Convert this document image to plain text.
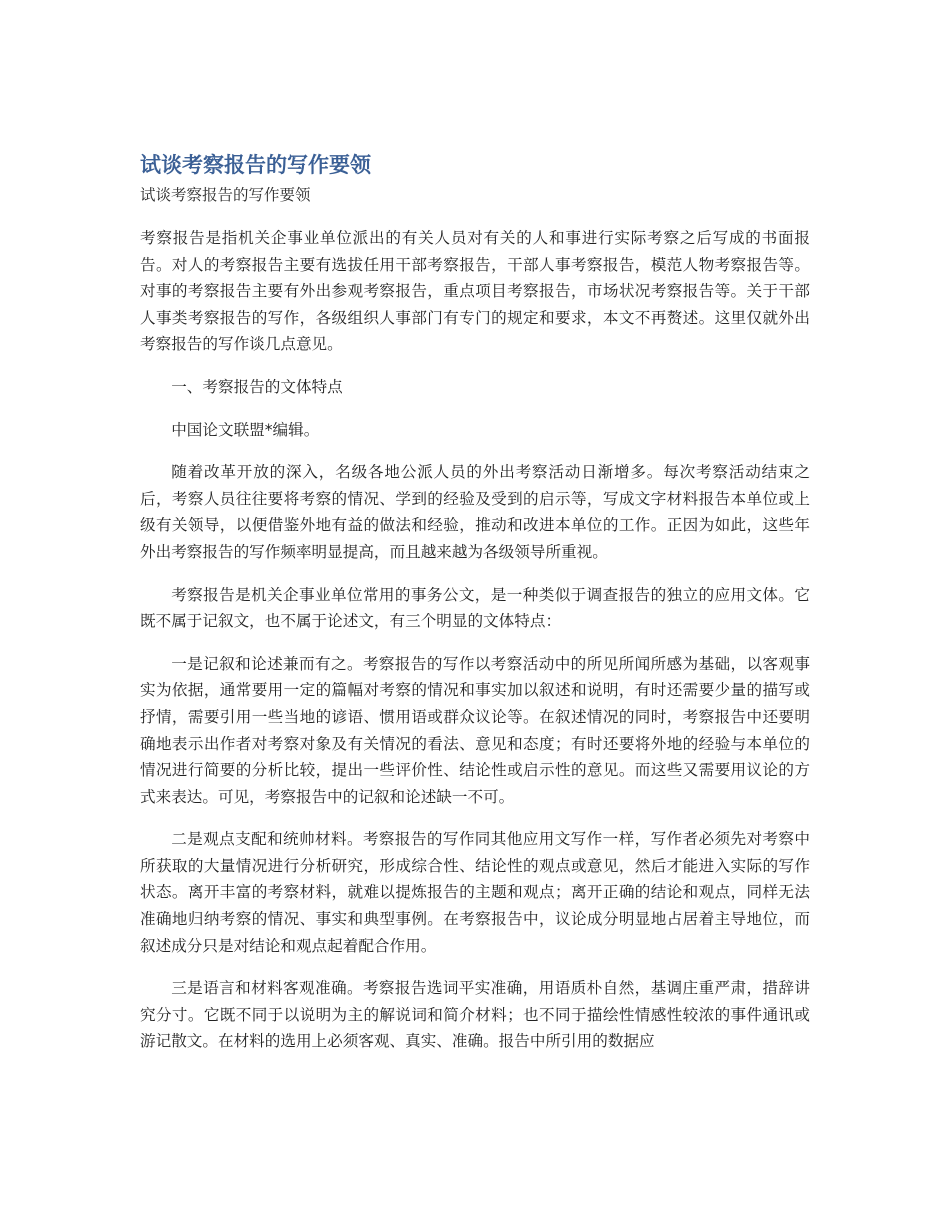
试谈考察报告的写作要领
试谈考察报告的写作要领

考察报告是指机关企事业单位派出的有关人员对有关的人和事进行实际考察之后写成的书面报告。对人的考察报告主要有选拔任用干部考察报告，干部人事考察报告，模范人物考察报告等。对事的考察报告主要有外出参观考察报告，重点项目考察报告，市场状况考察报告等。关于干部人事类考察报告的写作，各级组织人事部门有专门的规定和要求，本文不再赘述。这里仅就外出考察报告的写作谈几点意见。

一、考察报告的文体特点

中国论文联盟*编辑。

随着改革开放的深入，名级各地公派人员的外出考察活动日渐增多。每次考察活动结束之后，考察人员往往要将考察的情况、学到的经验及受到的启示等，写成文字材料报告本单位或上级有关领导，以便借鉴外地有益的做法和经验，推动和改进本单位的工作。正因为如此，这些年外出考察报告的写作频率明显提高，而且越来越为各级领导所重视。

考察报告是机关企事业单位常用的事务公文，是一种类似于调查报告的独立的应用文体。它既不属于记叙文，也不属于论述文，有三个明显的文体特点：

一是记叙和论述兼而有之。考察报告的写作以考察活动中的所见所闻所感为基础，以客观事实为依据，通常要用一定的篇幅对考察的情况和事实加以叙述和说明，有时还需要少量的描写或抒情，需要引用一些当地的谚语、惯用语或群众议论等。在叙述情况的同时，考察报告中还要明确地表示出作者对考察对象及有关情况的看法、意见和态度；有时还要将外地的经验与本单位的情况进行简要的分析比较，提出一些评价性、结论性或启示性的意见。而这些又需要用议论的方式来表达。可见，考察报告中的记叙和论述缺一不可。

二是观点支配和统帅材料。考察报告的写作同其他应用文写作一样，写作者必须先对考察中所获取的大量情况进行分析研究，形成综合性、结论性的观点或意见，然后才能进入实际的写作状态。离开丰富的考察材料，就难以提炼报告的主题和观点；离开正确的结论和观点，同样无法准确地归纳考察的情况、事实和典型事例。在考察报告中，议论成分明显地占居着主导地位，而叙述成分只是对结论和观点起着配合作用。

三是语言和材料客观准确。考察报告选词平实准确，用语质朴自然，基调庄重严肃，措辞讲究分寸。它既不同于以说明为主的解说词和简介材料；也不同于描绘性情感性较浓的事件通讯或游记散文。在材料的选用上必须客观、真实、准确。报告中所引用的数据应
